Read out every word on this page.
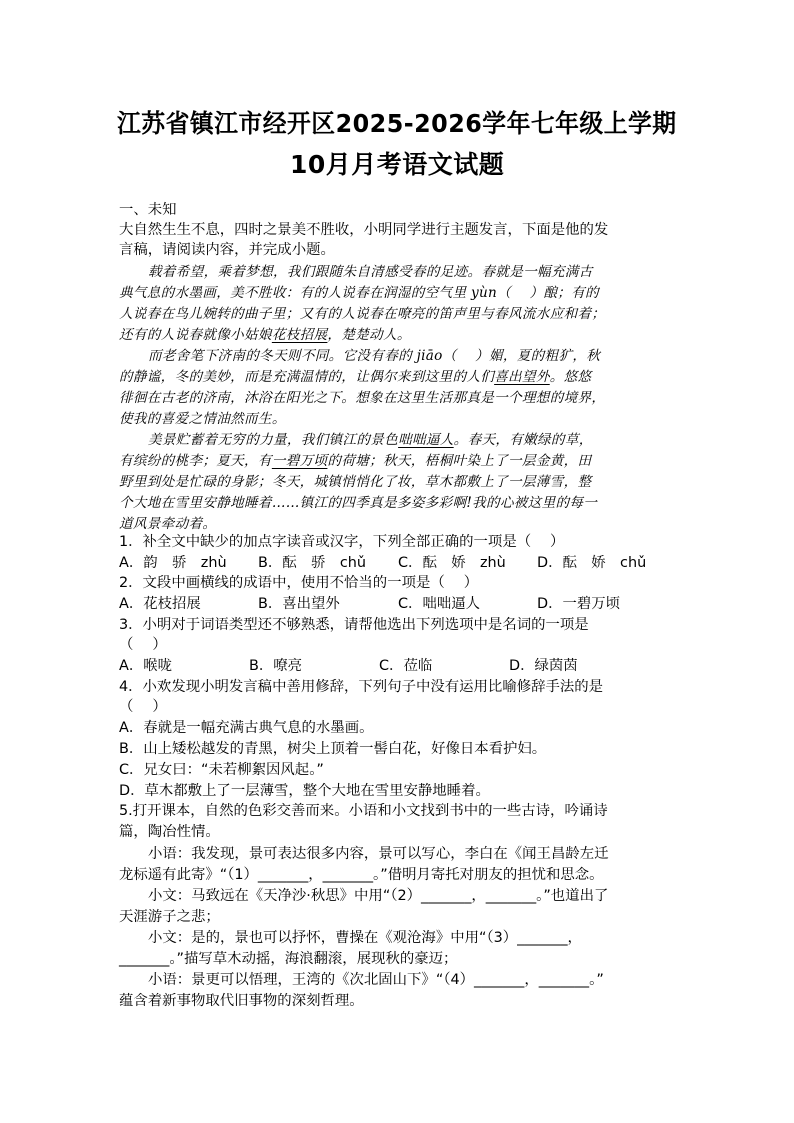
江苏省镇江市经开区2025-2026学年七年级上学期
10月月考语文试题
一、未知
大自然生生不息，四时之景美不胜收，小明同学进行主题发言，下面是他的发
言稿，请阅读内容，并完成小题。
载着希望，乘着梦想，我们跟随朱自清感受春的足迹。春就是一幅充满古
典气息的水墨画，美不胜收：有的人说春在润湿的空气里 yùn（　 ）酿；有的
人说春在鸟儿婉转的曲子里；又有的人说春在嘹亮的笛声里与春风流水应和着；
还有的人说春就像小姑娘花枝招展，楚楚动人。
而老舍笔下济南的冬天则不同。它没有春的 jiāo（　 ）媚，夏的粗犷，秋
的静谧，冬的美妙，而是充满温情的，让偶尔来到这里的人们喜出望外。悠悠
徘徊在古老的济南，沐浴在阳光之下。想象在这里生活那真是一个理想的境界，
使我的喜爱之情油然而生。
美景贮蓄着无穷的力量，我们镇江的景色咄咄逼人。春天，有嫩绿的草，
有缤纷的桃李；夏天，有一碧万顷的荷塘；秋天，梧桐叶染上了一层金黄，田
野里到处是忙碌的身影；冬天，城镇悄悄化了妆，草木都敷上了一层薄雪，整
个大地在雪里安静地睡着……镇江的四季真是多姿多彩啊!我的心被这里的每一
道风景牵动着。
1．补全文中缺少的加点字读音或汉字，下列全部正确的一项是（　 ）
A．韵　骄　zhù B．酝　骄　chǔ C．酝　娇　zhù D．酝　娇　chǔ
2．文段中画横线的成语中，使用不恰当的一项是（　 ）
A．花枝招展	B．喜出望外	C．咄咄逼人	D．一碧万顷
3．小明对于词语类型还不够熟悉，请帮他选出下列选项中是名词的一项是
（　 ）
A．喉咙	B．嘹亮	C．莅临	D．绿茵茵
4．小欢发现小明发言稿中善用修辞，下列句子中没有运用比喻修辞手法的是
（　 ）
A．春就是一幅充满古典气息的水墨画。
B．山上矮松越发的青黑，树尖上顶着一髻白花，好像日本看护妇。
C．兄女曰：“未若柳絮因风起。”
D．草木都敷上了一层薄雪，整个大地在雪里安静地睡着。
5.打开课本，自然的色彩交善而来。小语和小文找到书中的一些古诗，吟诵诗
篇，陶冶性情。
小语：我发现，景可表达很多内容，景可以写心，李白在《闻王昌龄左迁
龙标遥有此寄》“（1）_______，_______。”借明月寄托对朋友的担忧和思念。
小文：马致远在《天净沙·秋思》中用“（2）_______，_______。”也道出了
天涯游子之悲；
小文：是的，景也可以抒怀，曹操在《观沧海》中用“（3）_______，
_______。”描写草木动摇，海浪翻滚，展现秋的豪迈；
小语：景更可以悟理，王湾的《次北固山下》“（4）_______，_______。”
蕴含着新事物取代旧事物的深刻哲理。
